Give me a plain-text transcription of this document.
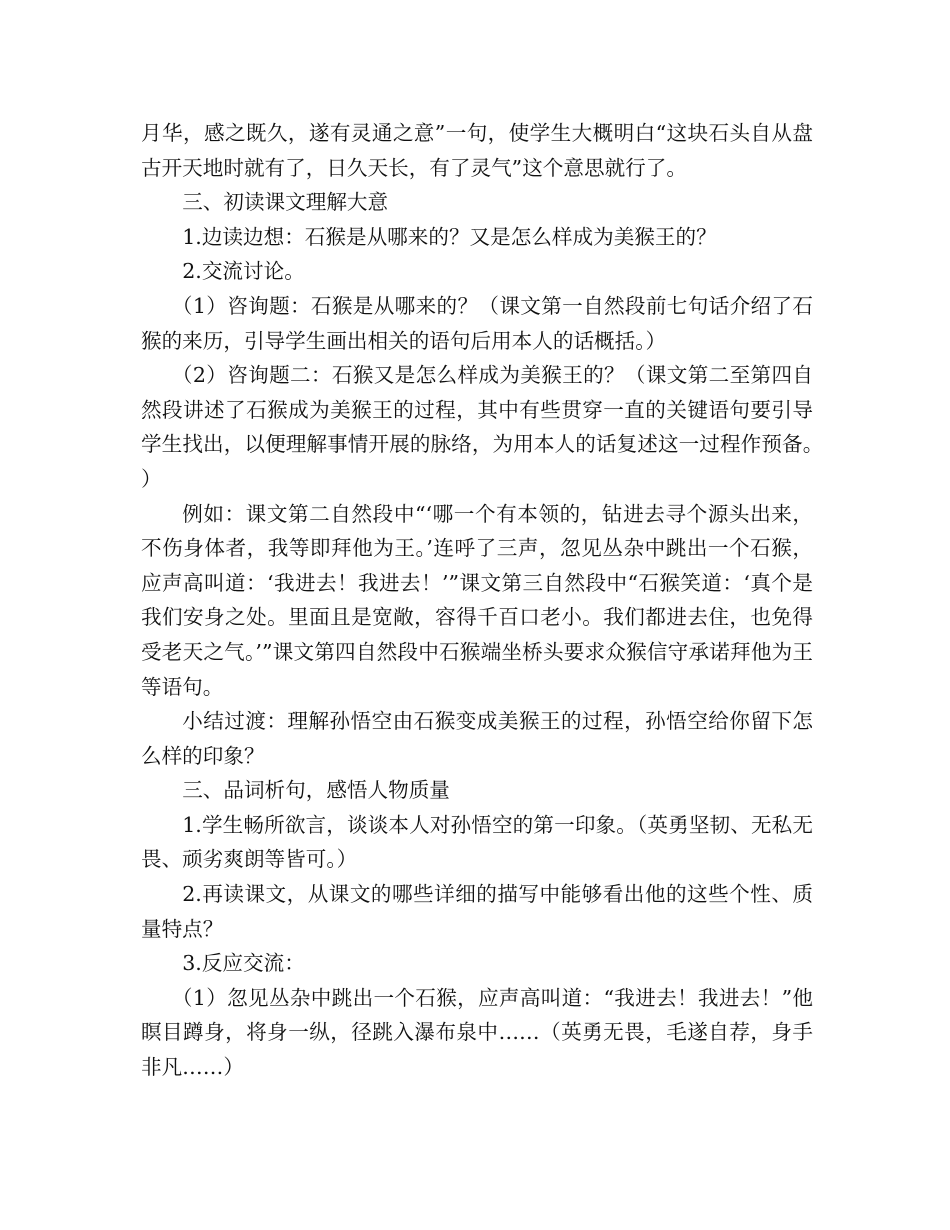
月华，感之既久，遂有灵通之意”一句，使学生大概明白“这块石头自从盘古开天地时就有了，日久天长，有了灵气”这个意思就行了。

三、初读课文理解大意

1.边读边想：石猴是从哪来的？又是怎么样成为美猴王的？

2.交流讨论。

（1）咨询题：石猴是从哪来的？（课文第一自然段前七句话介绍了石猴的来历，引导学生画出相关的语句后用本人的话概括。）

（2）咨询题二：石猴又是怎么样成为美猴王的？（课文第二至第四自然段讲述了石猴成为美猴王的过程，其中有些贯穿一直的关键语句要引导学生找出，以便理解事情开展的脉络，为用本人的话复述这一过程作预备。）

例如：课文第二自然段中“‘哪一个有本领的，钻进去寻个源头出来，不伤身体者，我等即拜他为王。’连呼了三声，忽见丛杂中跳出一个石猴，应声高叫道：‘我进去！我进去！’”课文第三自然段中“石猴笑道：‘真个是我们安身之处。里面且是宽敞，容得千百口老小。我们都进去住，也免得受老天之气。’”课文第四自然段中石猴端坐桥头要求众猴信守承诺拜他为王等语句。

小结过渡：理解孙悟空由石猴变成美猴王的过程，孙悟空给你留下怎么样的印象？

三、品词析句，感悟人物质量

1.学生畅所欲言，谈谈本人对孙悟空的第一印象。（英勇坚韧、无私无畏、顽劣爽朗等皆可。）

2.再读课文，从课文的哪些详细的描写中能够看出他的这些个性、质量特点？

3.反应交流：

（1）忽见丛杂中跳出一个石猴，应声高叫道：“我进去！我进去！”他瞑目蹲身，将身一纵，径跳入瀑布泉中……（英勇无畏，毛遂自荐，身手非凡……）
